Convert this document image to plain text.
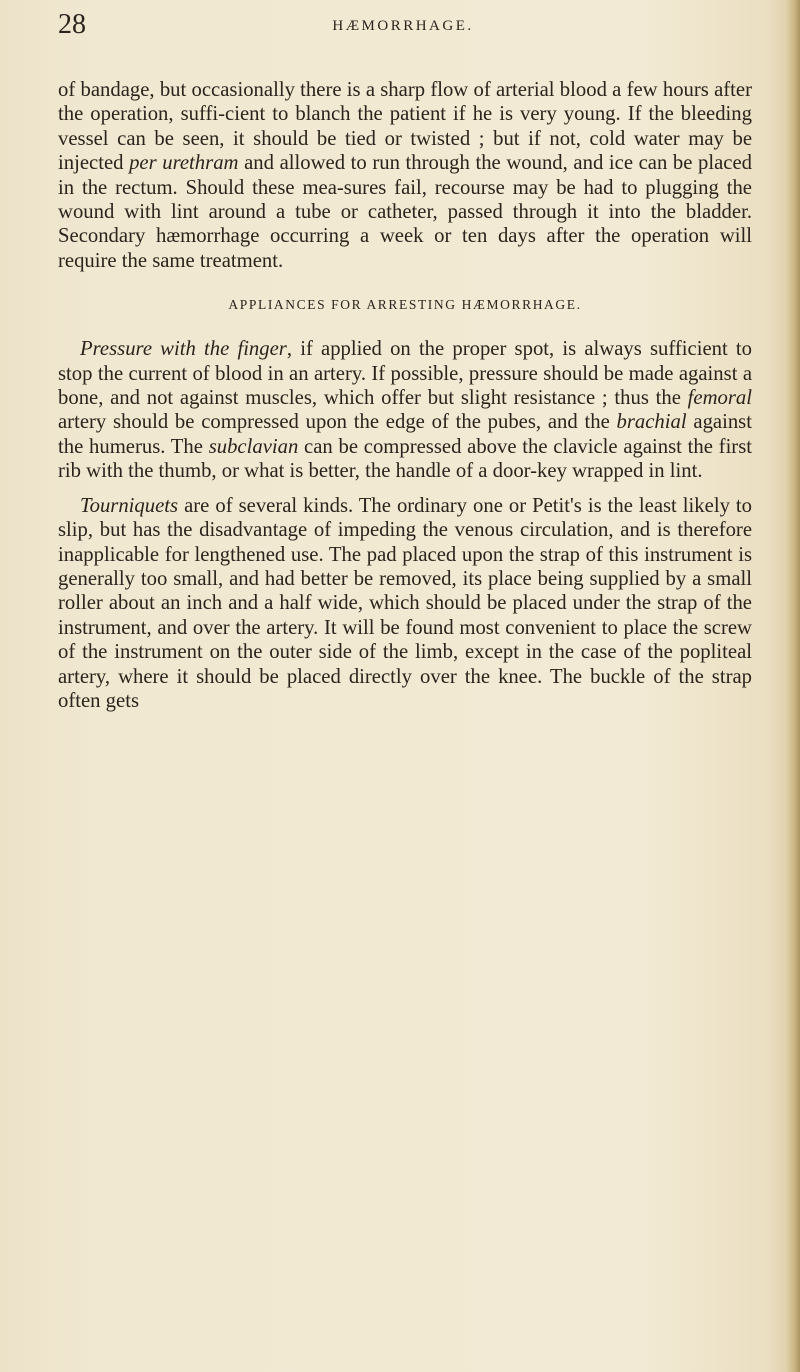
28	HÆMORRHAGE.

of bandage, but occasionally there is a sharp flow of arterial blood a few hours after the operation, suffi-cient to blanch the patient if he is very young. If the bleeding vessel can be seen, it should be tied or twisted ; but if not, cold water may be injected per urethram and allowed to run through the wound, and ice can be placed in the rectum. Should these mea-sures fail, recourse may be had to plugging the wound with lint around a tube or catheter, passed through it into the bladder. Secondary hæmorrhage occurring a week or ten days after the operation will require the same treatment.

APPLIANCES FOR ARRESTING HÆMORRHAGE.

Pressure with the finger, if applied on the proper spot, is always sufficient to stop the current of blood in an artery. If possible, pressure should be made against a bone, and not against muscles, which offer but slight resistance ; thus the femoral artery should be compressed upon the edge of the pubes, and the brachial against the humerus. The subclavian can be compressed above the clavicle against the first rib with the thumb, or what is better, the handle of a door-key wrapped in lint.

Tourniquets are of several kinds. The ordinary one or Petit's is the least likely to slip, but has the disadvantage of impeding the venous circulation, and is therefore inapplicable for lengthened use. The pad placed upon the strap of this instrument is generally too small, and had better be removed, its place being supplied by a small roller about an inch and a half wide, which should be placed under the strap of the instrument, and over the artery. It will be found most convenient to place the screw of the instrument on the outer side of the limb, except in the case of the popliteal artery, where it should be placed directly over the knee. The buckle of the strap often gets
